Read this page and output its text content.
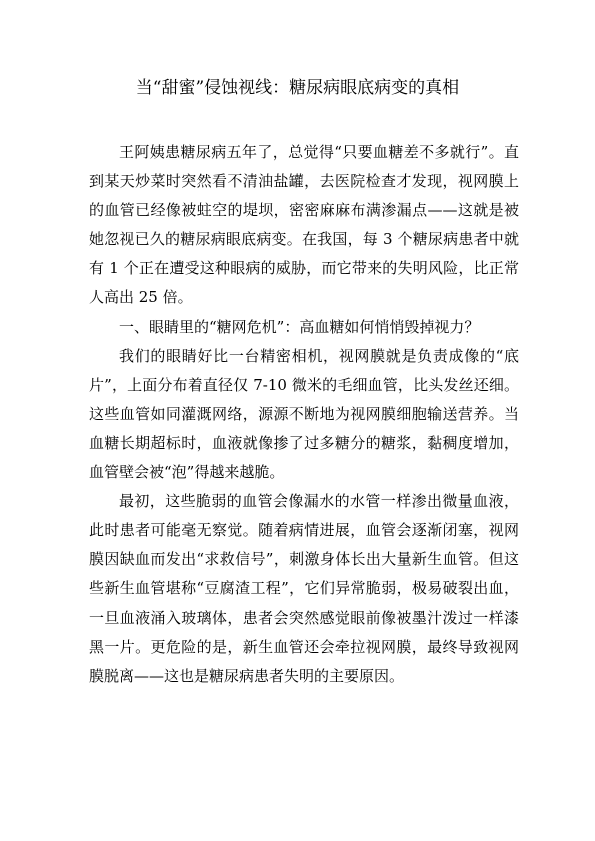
当“甜蜜”侵蚀视线：糖尿病眼底病变的真相

王阿姨患糖尿病五年了，总觉得“只要血糖差不多就行”。直到某天炒菜时突然看不清油盐罐，去医院检查才发现，视网膜上的血管已经像被蛀空的堤坝，密密麻麻布满渗漏点——这就是被她忽视已久的糖尿病眼底病变。在我国，每 3 个糖尿病患者中就有 1 个正在遭受这种眼病的威胁，而它带来的失明风险，比正常人高出 25 倍。

一、眼睛里的“糖网危机”：高血糖如何悄悄毁掉视力？

我们的眼睛好比一台精密相机，视网膜就是负责成像的“底片”，上面分布着直径仅 7-10 微米的毛细血管，比头发丝还细。这些血管如同灌溉网络，源源不断地为视网膜细胞输送营养。当血糖长期超标时，血液就像掺了过多糖分的糖浆，黏稠度增加，血管壁会被“泡”得越来越脆。

最初，这些脆弱的血管会像漏水的水管一样渗出微量血液，此时患者可能毫无察觉。随着病情进展，血管会逐渐闭塞，视网膜因缺血而发出“求救信号”，刺激身体长出大量新生血管。但这些新生血管堪称“豆腐渣工程”，它们异常脆弱，极易破裂出血，一旦血液涌入玻璃体，患者会突然感觉眼前像被墨汁泼过一样漆黑一片。更危险的是，新生血管还会牵拉视网膜，最终导致视网膜脱离——这也是糖尿病患者失明的主要原因。
